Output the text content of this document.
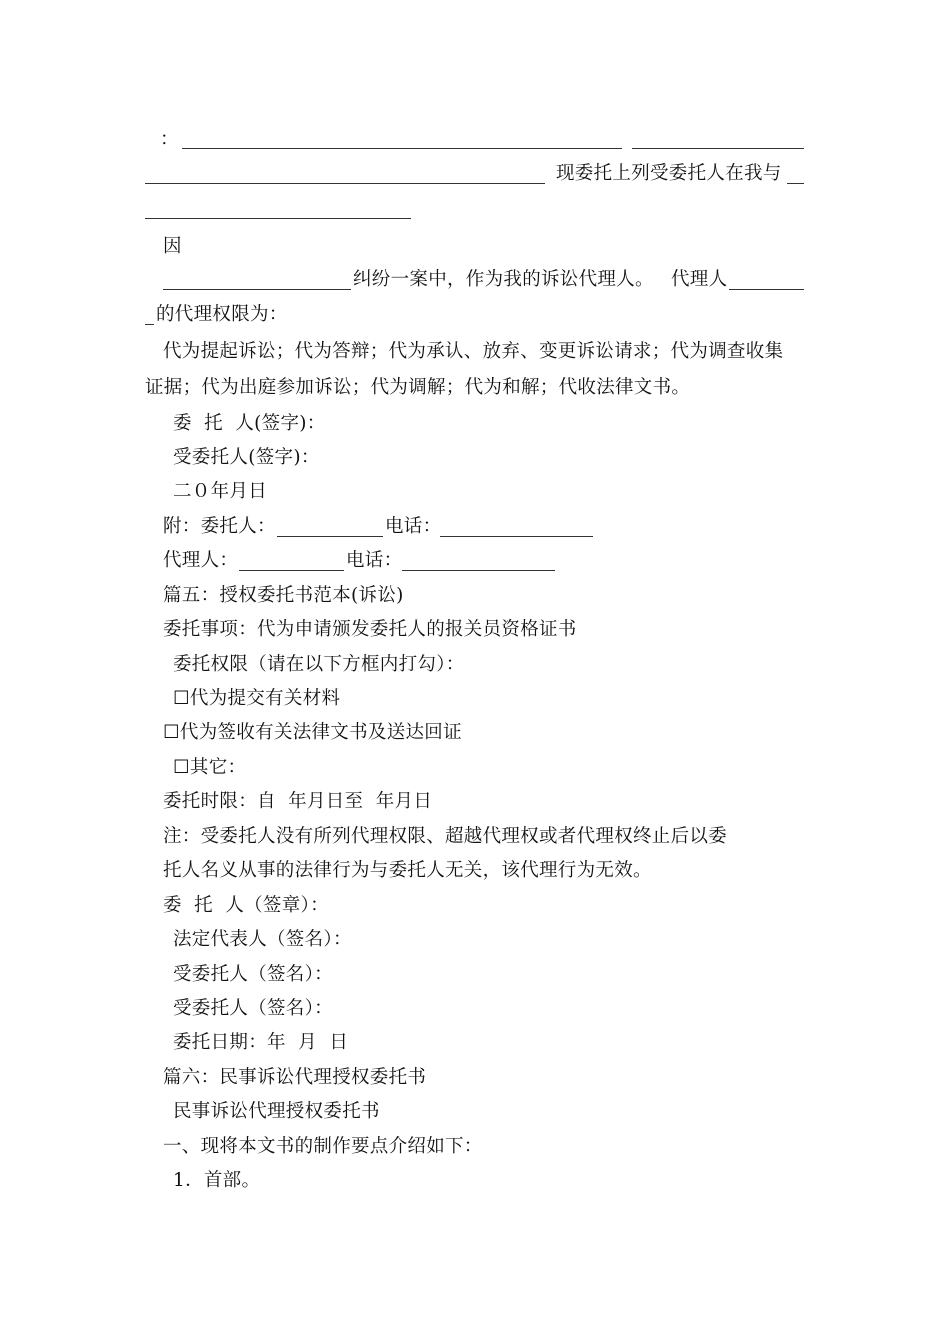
：
现委托上列受委托人在我与
因
纠纷一案中，作为我的诉讼代理人。 代理人
的代理权限为：
代为提起诉讼；代为答辩；代为承认、放弃、变更诉讼请求；代为调查收集
证据；代为出庭参加诉讼；代为调解；代为和解；代收法律文书。
委  托  人(签字)：
受委托人(签字)：
二０年月日
附：委托人：	电话：
代理人：	电话：
篇五：授权委托书范本(诉讼)
委托事项：代为申请颁发委托人的报关员资格证书
委托权限（请在以下方框内打勾）：
☐代为提交有关材料
☐代为签收有关法律文书及送达回证
☐其它：
委托时限：自  年月日至  年月日
注：受委托人没有所列代理权限、超越代理权或者代理权终止后以委
托人名义从事的法律行为与委托人无关，该代理行为无效。
委  托  人（签章）：
法定代表人（签名）：
受委托人（签名）：
受委托人（签名）：
委托日期：年  月  日
篇六：民事诉讼代理授权委托书
民事诉讼代理授权委托书
一、现将本文书的制作要点介绍如下：
1．首部。
